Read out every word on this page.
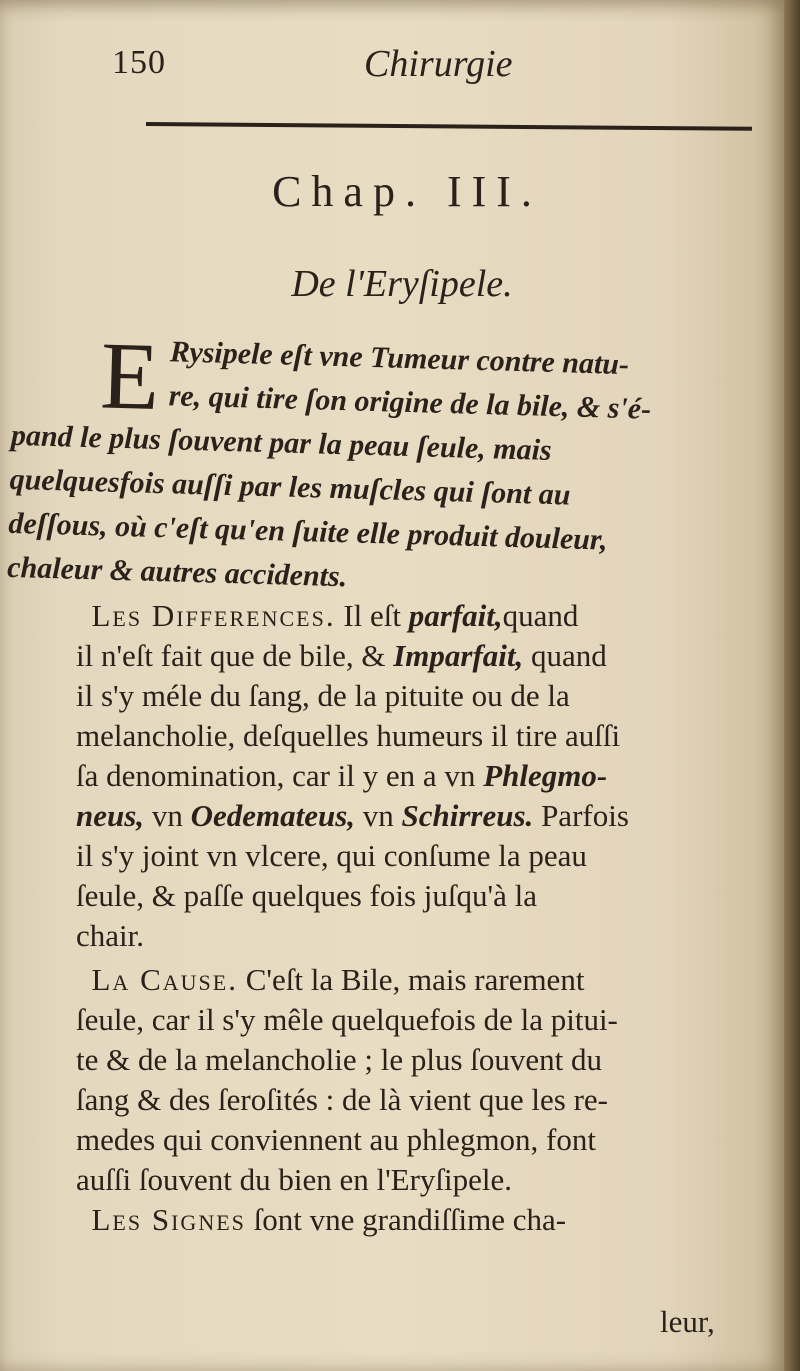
150	Chirurgie
Chap. III.
De l'Eryſipele.
E Rysipele eſt vne Tumeur contre natu-
re, qui tire ſon origine de la bile, & s'é-
pand le plus ſouvent par la peau ſeule, mais
quelquesfois auſſi par les muſcles qui ſont au
deſſous, où c'eſt qu'en ſuite elle produit douleur,
chaleur & autres accidents.
Les Differences. Il eſt parfait,quand
il n'eſt fait que de bile, & Imparfait, quand
il s'y méle du ſang, de la pituite ou de la
melancholie, deſquelles humeurs il tire auſſi
ſa denomination, car il y en a vn Phlegmo-
neus, vn Oedemateus, vn Schirreus. Parfois
il s'y joint vn vlcere, qui conſume la peau
ſeule, & paſſe quelques fois juſqu'à la
chair.
La Cause. C'eſt la Bile, mais rarement
ſeule, car il s'y mêle quelquefois de la pitui-
te & de la melancholie ; le plus ſouvent du
ſang & des ſeroſités : de là vient que les re-
medes qui conviennent au phlegmon, font
auſſi ſouvent du bien en l'Eryſipele.
Les Signes ſont vne grandiſſime cha-
leur,
